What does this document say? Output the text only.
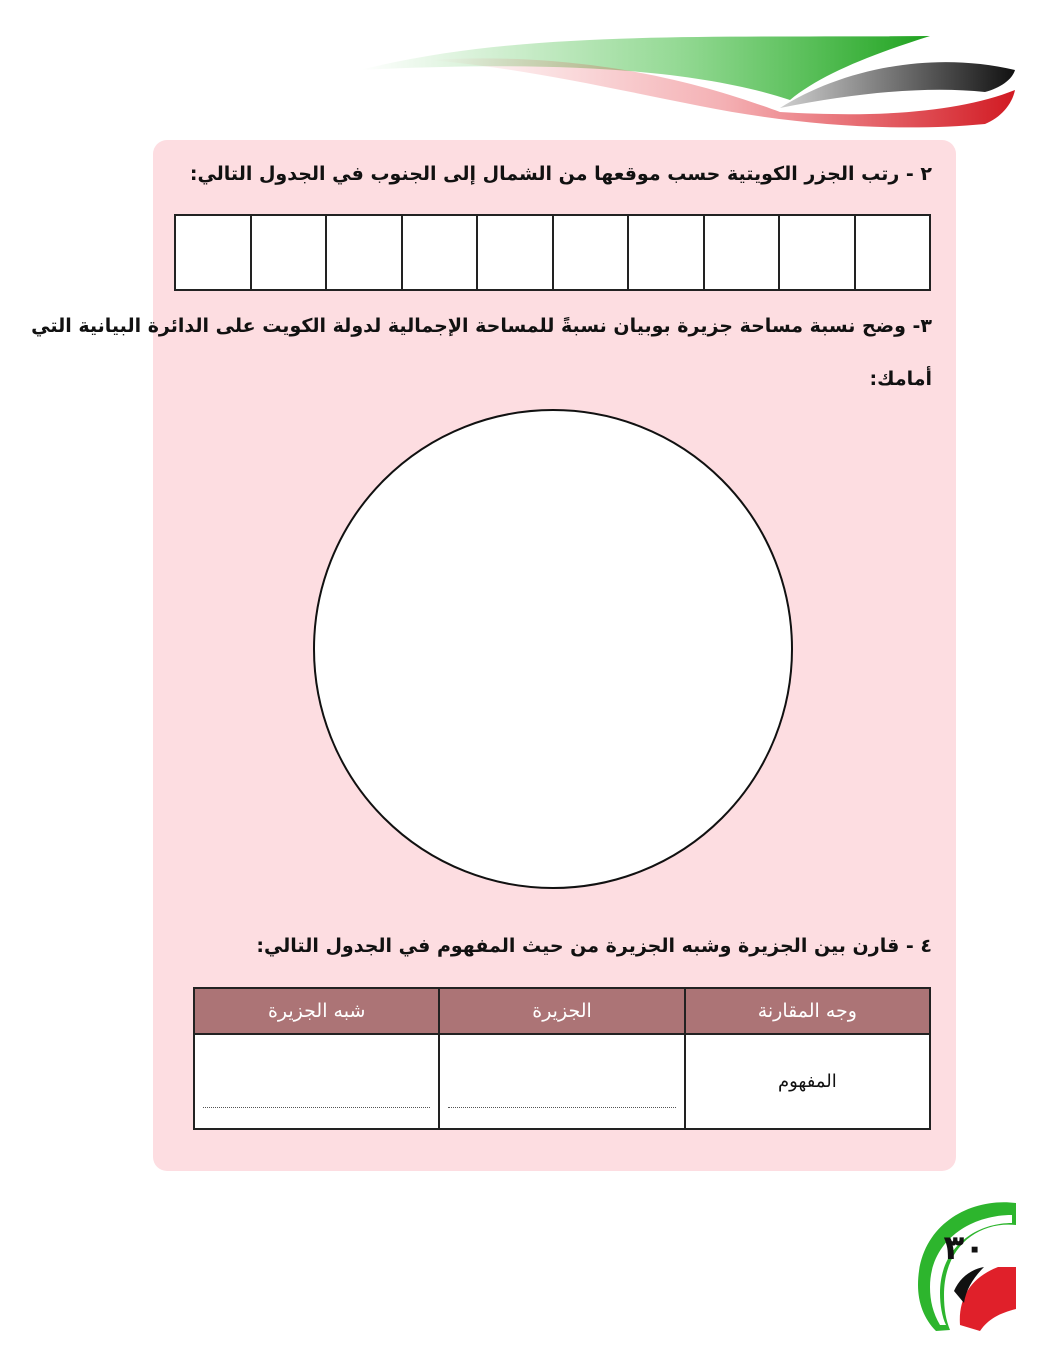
٢ - رتب الجزر الكويتية حسب موقعها من الشمال إلى الجنوب في الجدول التالي:

٣- وضح نسبة مساحة جزيرة بوبيان نسبةً للمساحة الإجمالية لدولة الكويت على الدائرة البيانية التي
أمامك:
٤ - قارن بين الجزيرة وشبه الجزيرة من حيث المفهوم في الجدول التالي:
وجه المقارنة	الجزيرة	شبه الجزيرة
المفهوم	

٣٠
